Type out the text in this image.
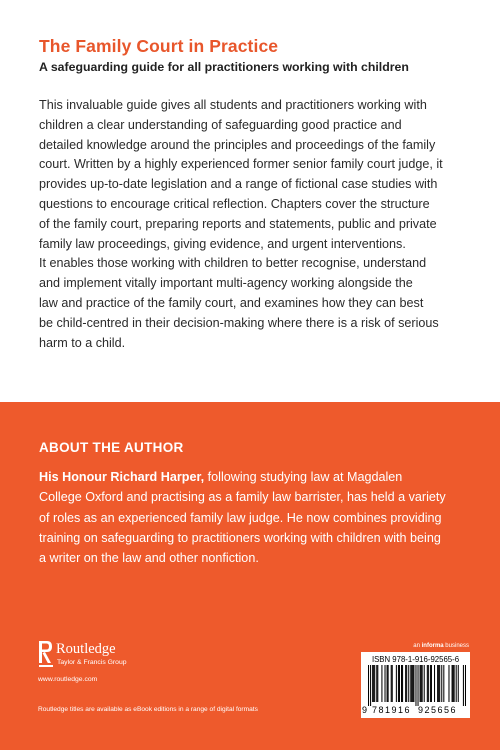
The Family Court in Practice
A safeguarding guide for all practitioners working with children

This invaluable guide gives all students and practitioners working with
children a clear understanding of safeguarding good practice and
detailed knowledge around the principles and proceedings of the family
court. Written by a highly experienced former senior family court judge, it
provides up-to-date legislation and a range of fictional case studies with
questions to encourage critical reflection. Chapters cover the structure
of the family court, preparing reports and statements, public and private
family law proceedings, giving evidence, and urgent interventions.
It enables those working with children to better recognise, understand
and implement vitally important multi-agency working alongside the
law and practice of the family court, and examines how they can best
be child-centred in their decision-making where there is a risk of serious
harm to a child.

ABOUT THE AUTHOR

His Honour Richard Harper, following studying law at Magdalen
College Oxford and practising as a family law barrister, has held a variety
of roles as an experienced family law judge. He now combines providing
training on safeguarding to practitioners working with children with being
a writer on the law and other nonfiction.

Routledge
Taylor & Francis Group
www.routledge.com
Routledge titles are available as eBook editions in a range of digital formats
an informa business
ISBN 978-1-916-92565-6
9 781916 925656
